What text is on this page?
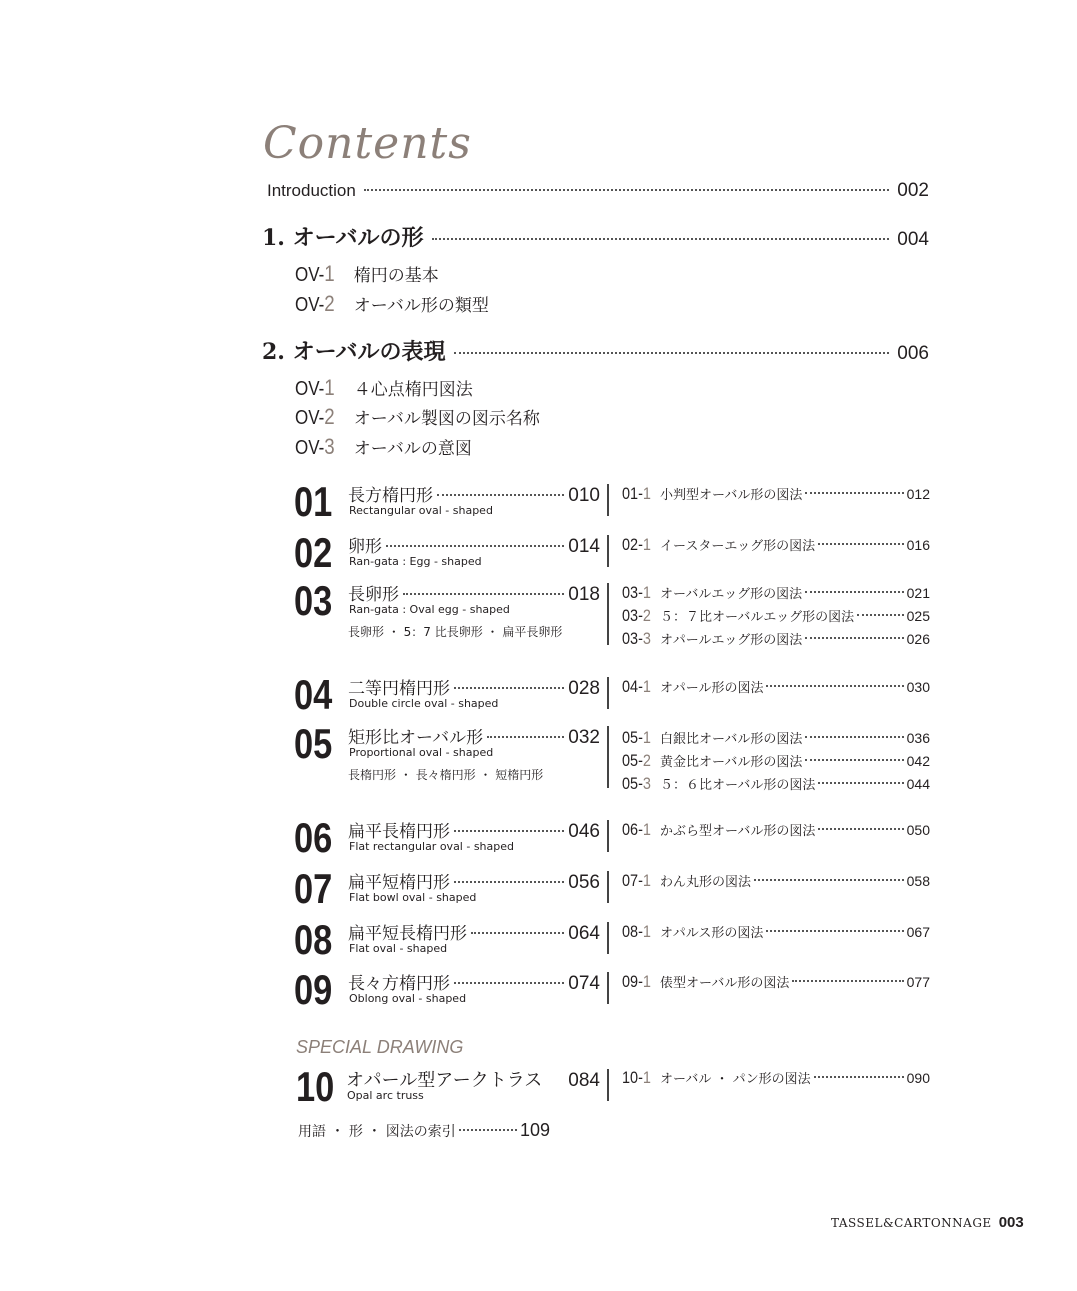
Contents
Introduction	002
1. オーバルの形	004
OV-1 楕円の基本
OV-2 オーバル形の類型
2. オーバルの表現	006
OV-1 ４心点楕円図法
OV-2 オーバル製図の図示名称
OV-3 オーバルの意図
01 長方楕円形	010
Rectangular oval - shaped
01-1 小判型オーバル形の図法	012
02 卵形	014
Ran-gata : Egg - shaped
02-1 イースターエッグ形の図法	016
03 長卵形	018
Ran-gata : Oval egg - shaped
長卵形 ・ 5：7 比長卵形 ・ 扁平長卵形
03-1 オーバルエッグ形の図法	021
03-2 ５：７比オーバルエッグ形の図法	025
03-3 オパールエッグ形の図法	026
04 二等円楕円形	028
Double circle oval - shaped
04-1 オパール形の図法	030
05 矩形比オーバル形	032
Proportional oval - shaped
長楕円形 ・ 長々楕円形 ・ 短楕円形
05-1 白銀比オーバル形の図法	036
05-2 黄金比オーバル形の図法	042
05-3 ５：６比オーバル形の図法	044
06 扁平長楕円形	046
Flat rectangular oval - shaped
06-1 かぶら型オーバル形の図法	050
07 扁平短楕円形	056
Flat bowl oval - shaped
07-1 わん丸形の図法	058
08 扁平短長楕円形	064
Flat oval - shaped
08-1 オパルス形の図法	067
09 長々方楕円形	074
Oblong oval - shaped
09-1 俵型オーバル形の図法	077
10 オパール型アークトラス 084
Opal arc truss
10-1 オーバル ・ パン形の図法	090
SPECIAL DRAWING
用語 ・ 形 ・ 図法の索引	109
TASSEL&CARTONNAGE 003
